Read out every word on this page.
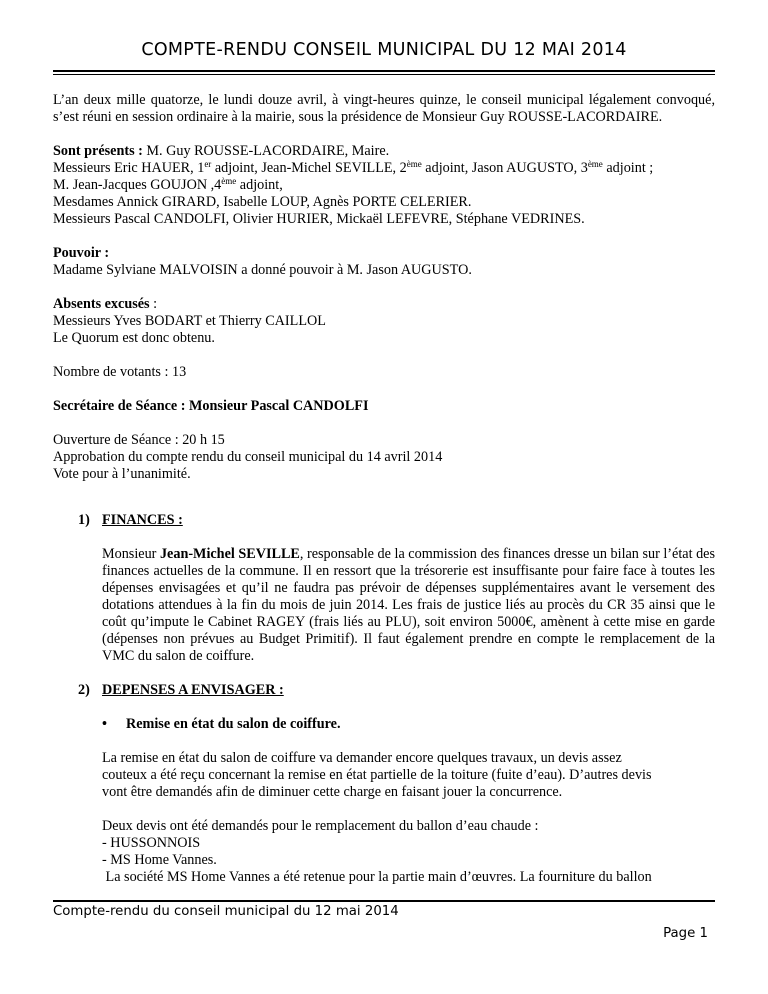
COMPTE-RENDU CONSEIL MUNICIPAL DU 12 MAI 2014

L’an deux mille quatorze, le lundi douze avril, à vingt-heures quinze, le conseil municipal légalement convoqué, s’est réuni en session ordinaire à la mairie, sous la présidence de Monsieur Guy ROUSSE-LACORDAIRE.

Sont présents : M. Guy ROUSSE-LACORDAIRE, Maire.

Messieurs Eric HAUER, 1er adjoint, Jean-Michel SEVILLE, 2ème adjoint, Jason AUGUSTO, 3ème adjoint ;

M. Jean-Jacques GOUJON ,4ème adjoint,

Mesdames Annick GIRARD, Isabelle LOUP, Agnès PORTE CELERIER.

Messieurs Pascal CANDOLFI, Olivier HURIER, Mickaël LEFEVRE, Stéphane VEDRINES.

Pouvoir :

Madame Sylviane MALVOISIN a donné pouvoir à M. Jason AUGUSTO.

Absents excusés :

Messieurs Yves BODART et Thierry CAILLOL

Le Quorum est donc obtenu.

Nombre de votants : 13

Secrétaire de Séance : Monsieur Pascal CANDOLFI

Ouverture de Séance : 20 h 15

Approbation du compte rendu du conseil municipal du 14 avril 2014

Vote pour à l’unanimité.

1) FINANCES :

Monsieur Jean-Michel SEVILLE, responsable de la commission des finances dresse un bilan sur l’état des finances actuelles de la commune. Il en ressort que la trésorerie est insuffisante pour faire face à toutes les dépenses envisagées et qu’il ne faudra pas prévoir de dépenses supplémentaires avant le versement des dotations attendues à la fin du mois de juin 2014. Les frais de justice liés au procès du CR 35 ainsi que le coût qu’impute le Cabinet RAGEY (frais liés au PLU), soit environ 5000€, amènent à cette mise en garde (dépenses non prévues au Budget Primitif). Il faut également prendre en compte le remplacement de la VMC du salon de coiffure.

2) DEPENSES A ENVISAGER :
•	Remise en état du salon de coiffure.

La remise en état du salon de coiffure va demander encore quelques travaux, un devis assez

couteux a été reçu concernant la remise en état partielle de la toiture (fuite d’eau). D’autres devis

vont être demandés afin de diminuer cette charge en faisant jouer la concurrence.

Deux devis ont été demandés pour le remplacement du ballon d’eau chaude :

- HUSSONNOIS

- MS Home Vannes.

La société MS Home Vannes a été retenue pour la partie main d’œuvres. La fourniture du ballon

Compte-rendu du conseil municipal du 12 mai 2014
Page 1
